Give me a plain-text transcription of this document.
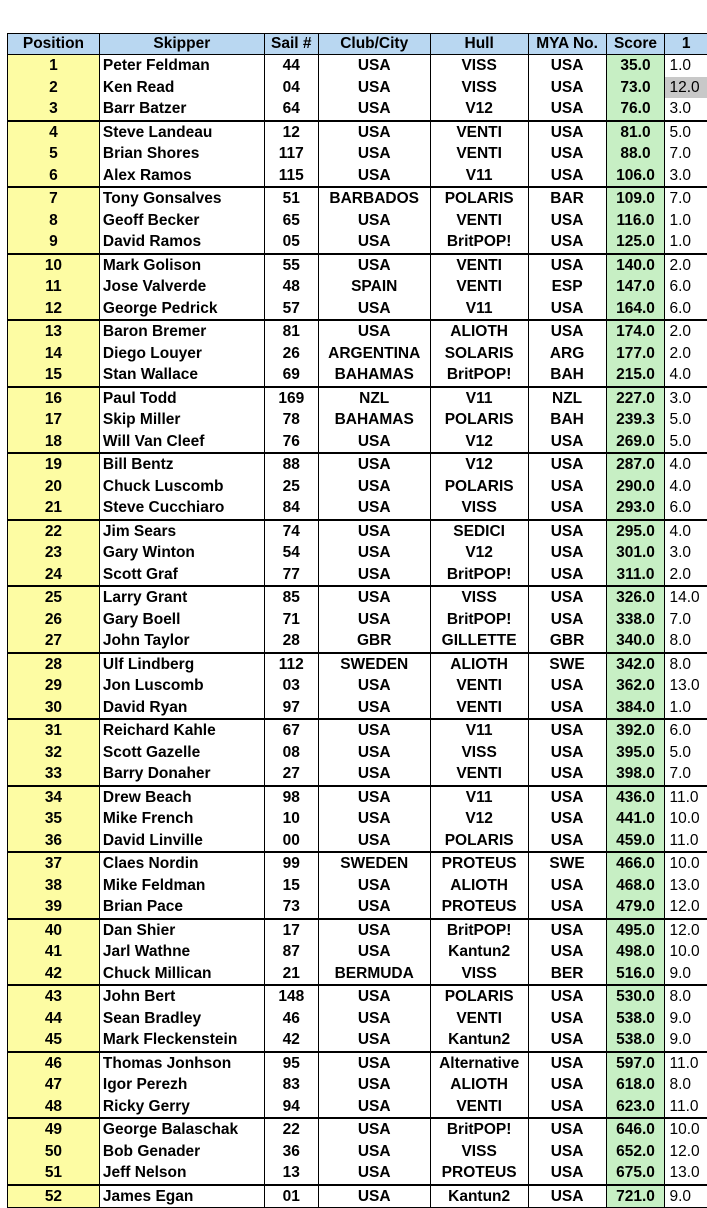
Position	Skipper	Sail #	Club/City	Hull	MYA No.	Score	1
1	Peter Feldman	44	USA	VISS	USA	35.0	1.0
2	Ken Read	04	USA	VISS	USA	73.0	12.0
3	Barr Batzer	64	USA	V12	USA	76.0	3.0
4	Steve Landeau	12	USA	VENTI	USA	81.0	5.0
5	Brian Shores	117	USA	VENTI	USA	88.0	7.0
6	Alex Ramos	115	USA	V11	USA	106.0	3.0
7	Tony Gonsalves	51	BARBADOS	POLARIS	BAR	109.0	7.0
8	Geoff Becker	65	USA	VENTI	USA	116.0	1.0
9	David Ramos	05	USA	BritPOP!	USA	125.0	1.0
10	Mark Golison	55	USA	VENTI	USA	140.0	2.0
11	Jose Valverde	48	SPAIN	VENTI	ESP	147.0	6.0
12	George Pedrick	57	USA	V11	USA	164.0	6.0
13	Baron Bremer	81	USA	ALIOTH	USA	174.0	2.0
14	Diego Louyer	26	ARGENTINA	SOLARIS	ARG	177.0	2.0
15	Stan Wallace	69	BAHAMAS	BritPOP!	BAH	215.0	4.0
16	Paul Todd	169	NZL	V11	NZL	227.0	3.0
17	Skip Miller	78	BAHAMAS	POLARIS	BAH	239.3	5.0
18	Will Van Cleef	76	USA	V12	USA	269.0	5.0
19	Bill Bentz	88	USA	V12	USA	287.0	4.0
20	Chuck Luscomb	25	USA	POLARIS	USA	290.0	4.0
21	Steve Cucchiaro	84	USA	VISS	USA	293.0	6.0
22	Jim Sears	74	USA	SEDICI	USA	295.0	4.0
23	Gary Winton	54	USA	V12	USA	301.0	3.0
24	Scott Graf	77	USA	BritPOP!	USA	311.0	2.0
25	Larry Grant	85	USA	VISS	USA	326.0	14.0
26	Gary Boell	71	USA	BritPOP!	USA	338.0	7.0
27	John Taylor	28	GBR	GILLETTE	GBR	340.0	8.0
28	Ulf Lindberg	112	SWEDEN	ALIOTH	SWE	342.0	8.0
29	Jon Luscomb	03	USA	VENTI	USA	362.0	13.0
30	David Ryan	97	USA	VENTI	USA	384.0	1.0
31	Reichard Kahle	67	USA	V11	USA	392.0	6.0
32	Scott Gazelle	08	USA	VISS	USA	395.0	5.0
33	Barry Donaher	27	USA	VENTI	USA	398.0	7.0
34	Drew Beach	98	USA	V11	USA	436.0	11.0
35	Mike French	10	USA	V12	USA	441.0	10.0
36	David Linville	00	USA	POLARIS	USA	459.0	11.0
37	Claes Nordin	99	SWEDEN	PROTEUS	SWE	466.0	10.0
38	Mike Feldman	15	USA	ALIOTH	USA	468.0	13.0
39	Brian Pace	73	USA	PROTEUS	USA	479.0	12.0
40	Dan Shier	17	USA	BritPOP!	USA	495.0	12.0
41	Jarl Wathne	87	USA	Kantun2	USA	498.0	10.0
42	Chuck Millican	21	BERMUDA	VISS	BER	516.0	9.0
43	John Bert	148	USA	POLARIS	USA	530.0	8.0
44	Sean Bradley	46	USA	VENTI	USA	538.0	9.0
45	Mark Fleckenstein	42	USA	Kantun2	USA	538.0	9.0
46	Thomas Jonhson	95	USA	Alternative	USA	597.0	11.0
47	Igor Perezh	83	USA	ALIOTH	USA	618.0	8.0
48	Ricky Gerry	94	USA	VENTI	USA	623.0	11.0
49	George Balaschak	22	USA	BritPOP!	USA	646.0	10.0
50	Bob Genader	36	USA	VISS	USA	652.0	12.0
51	Jeff Nelson	13	USA	PROTEUS	USA	675.0	13.0
52	James Egan	01	USA	Kantun2	USA	721.0	9.0
